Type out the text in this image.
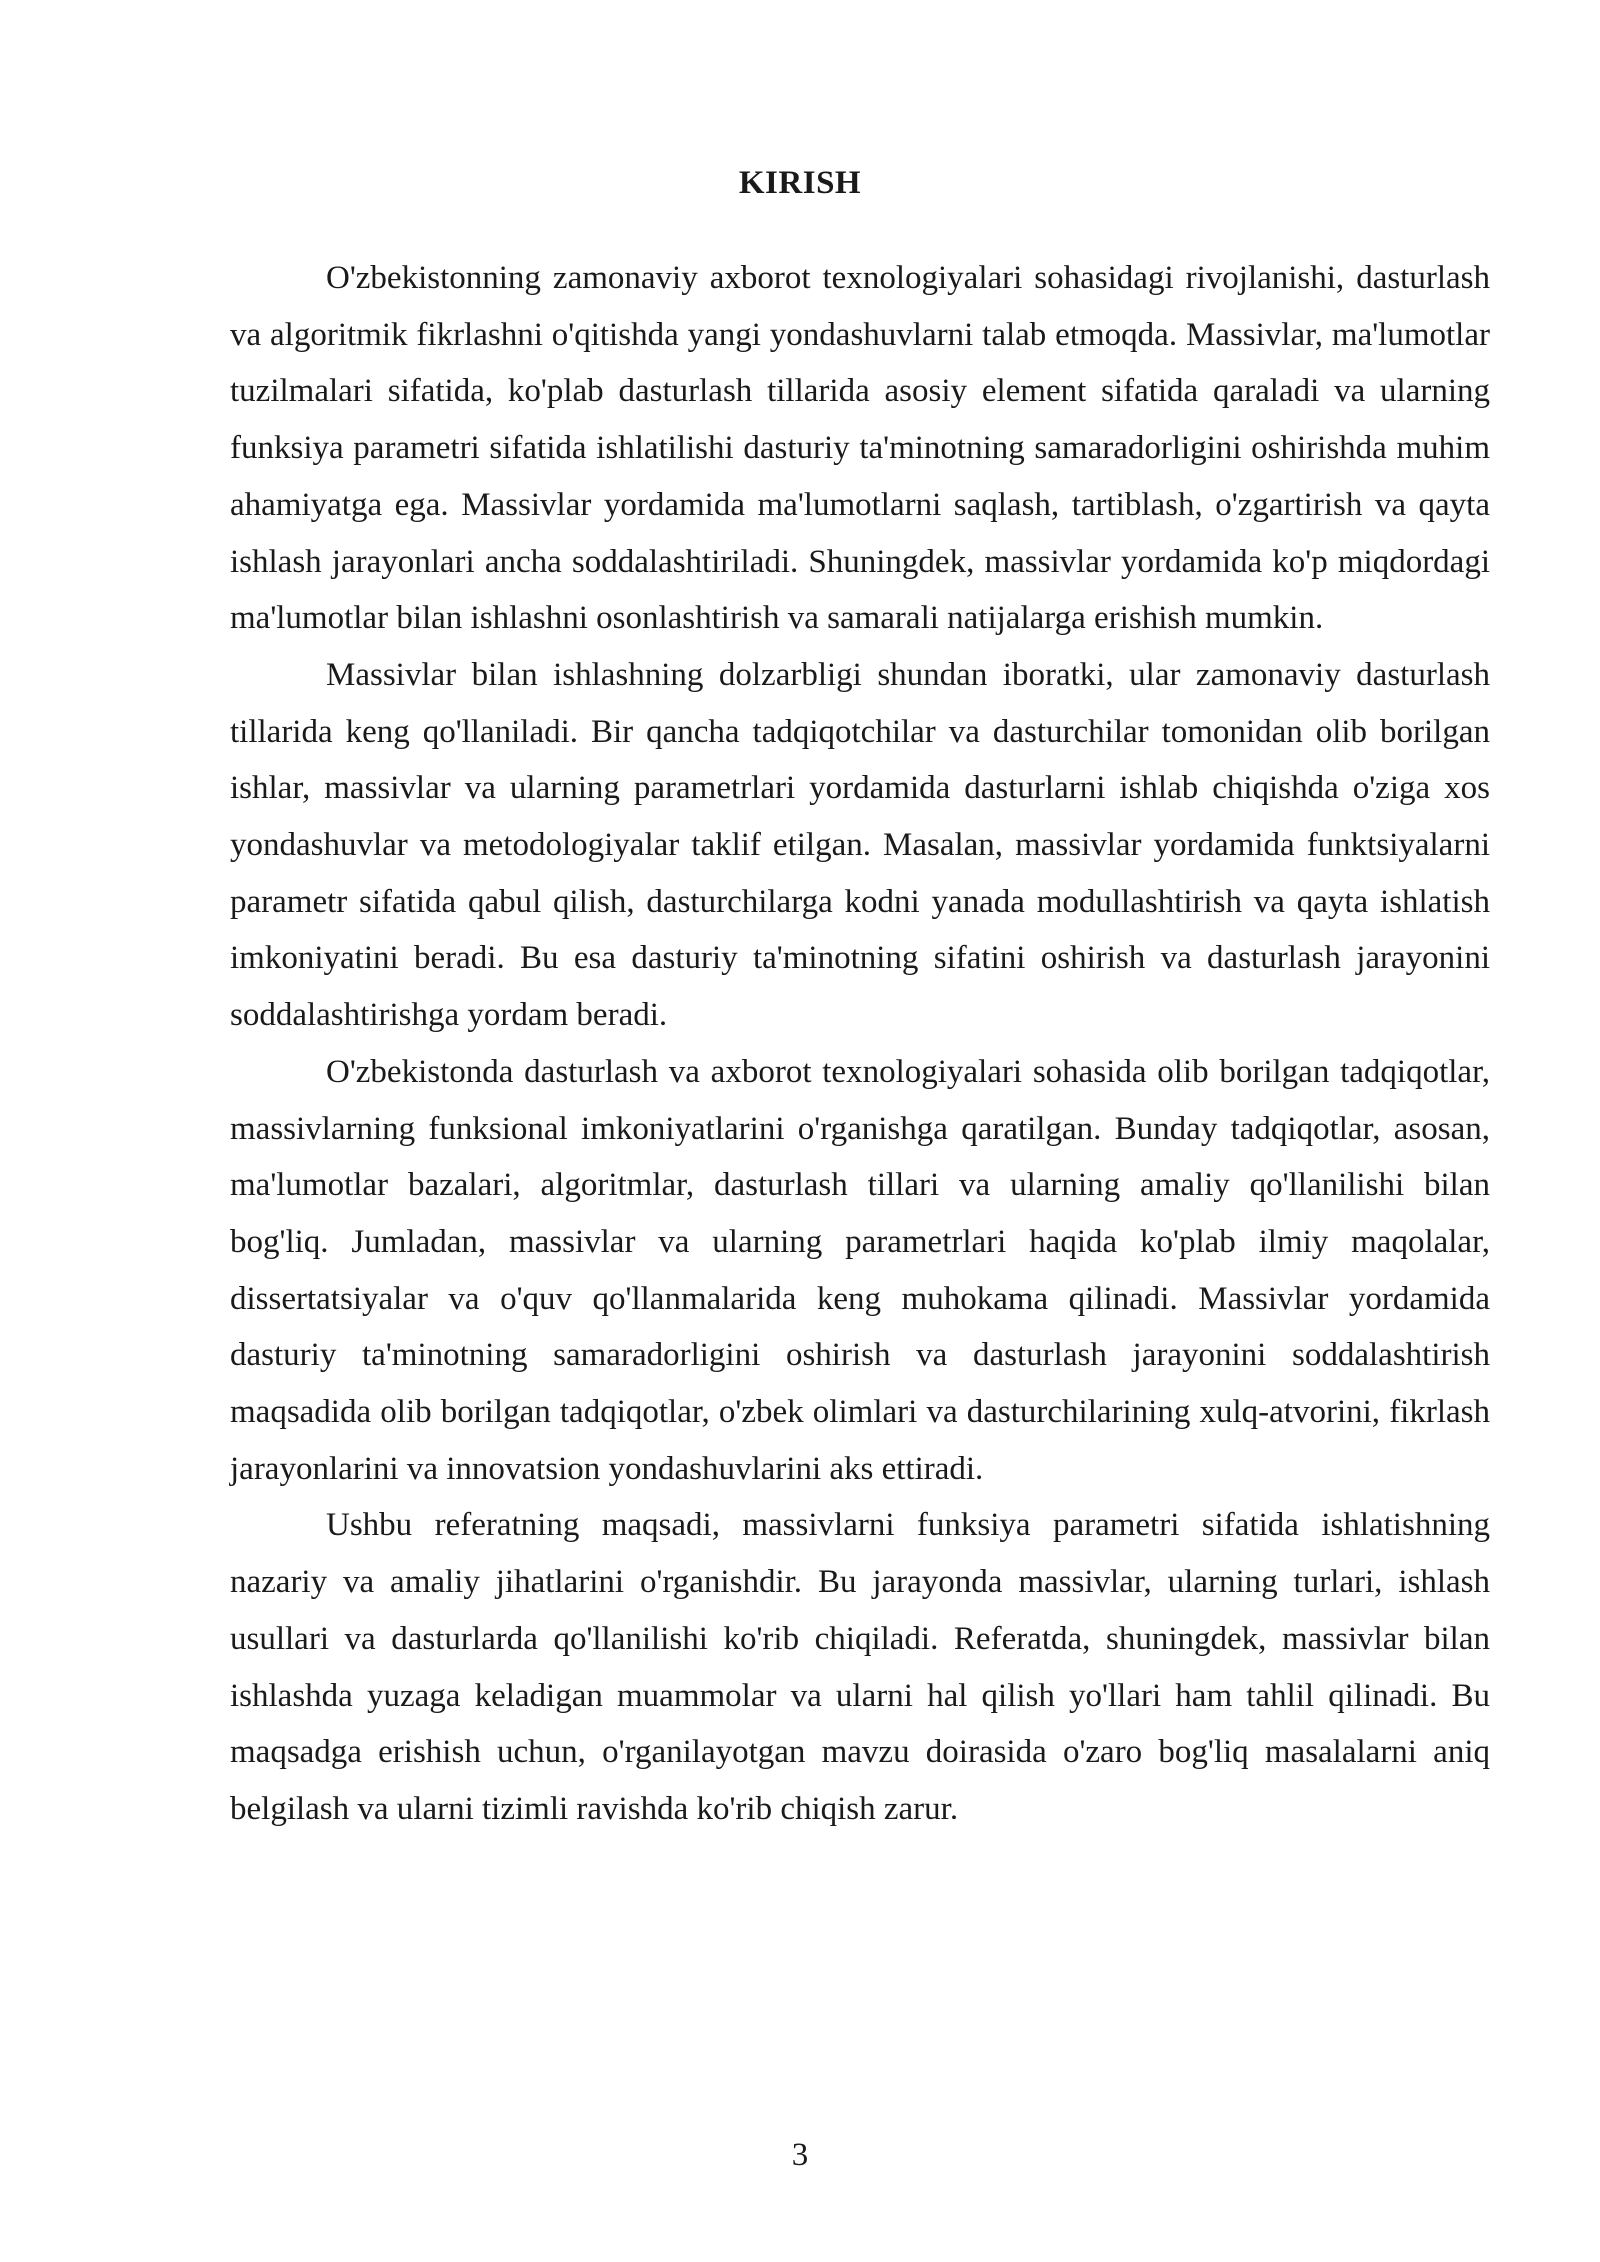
KIRISH

O'zbekistonning zamonaviy axborot texnologiyalari sohasidagi rivojlanishi, dasturlash va algoritmik fikrlashni o'qitishda yangi yondashuvlarni talab etmoqda. Massivlar, ma'lumotlar tuzilmalari sifatida, ko'plab dasturlash tillarida asosiy element sifatida qaraladi va ularning funksiya parametri sifatida ishlatilishi dasturiy ta'minotning samaradorligini oshirishda muhim ahamiyatga ega. Massivlar yordamida ma'lumotlarni saqlash, tartiblash, o'zgartirish va qayta ishlash jarayonlari ancha soddalashtiriladi. Shuningdek, massivlar yordamida ko'p miqdordagi ma'lumotlar bilan ishlashni osonlashtirish va samarali natijalarga erishish mumkin.

Massivlar bilan ishlashning dolzarbligi shundan iboratki, ular zamonaviy dasturlash tillarida keng qo'llaniladi. Bir qancha tadqiqotchilar va dasturchilar tomonidan olib borilgan ishlar, massivlar va ularning parametrlari yordamida dasturlarni ishlab chiqishda o'ziga xos yondashuvlar va metodologiyalar taklif etilgan. Masalan, massivlar yordamida funktsiyalarni parametr sifatida qabul qilish, dasturchilarga kodni yanada modullashtirish va qayta ishlatish imkoniyatini beradi. Bu esa dasturiy ta'minotning sifatini oshirish va dasturlash jarayonini soddalashtirishga yordam beradi.

O'zbekistonda dasturlash va axborot texnologiyalari sohasida olib borilgan tadqiqotlar, massivlarning funksional imkoniyatlarini o'rganishga qaratilgan. Bunday tadqiqotlar, asosan, ma'lumotlar bazalari, algoritmlar, dasturlash tillari va ularning amaliy qo'llanilishi bilan bog'liq. Jumladan, massivlar va ularning parametrlari haqida ko'plab ilmiy maqolalar, dissertatsiyalar va o'quv qo'llanmalarida keng muhokama qilinadi. Massivlar yordamida dasturiy ta'minotning samaradorligini oshirish va dasturlash jarayonini soddalashtirish maqsadida olib borilgan tadqiqotlar, o'zbek olimlari va dasturchilarining xulq-atvorini, fikrlash jarayonlarini va innovatsion yondashuvlarini aks ettiradi.

Ushbu referatning maqsadi, massivlarni funksiya parametri sifatida ishlatishning nazariy va amaliy jihatlarini o'rganishdir. Bu jarayonda massivlar, ularning turlari, ishlash usullari va dasturlarda qo'llanilishi ko'rib chiqiladi. Referatda, shuningdek, massivlar bilan ishlashda yuzaga keladigan muammolar va ularni hal qilish yo'llari ham tahlil qilinadi. Bu maqsadga erishish uchun, o'rganilayotgan mavzu doirasida o'zaro bog'liq masalalarni aniq belgilash va ularni tizimli ravishda ko'rib chiqish zarur.

3
